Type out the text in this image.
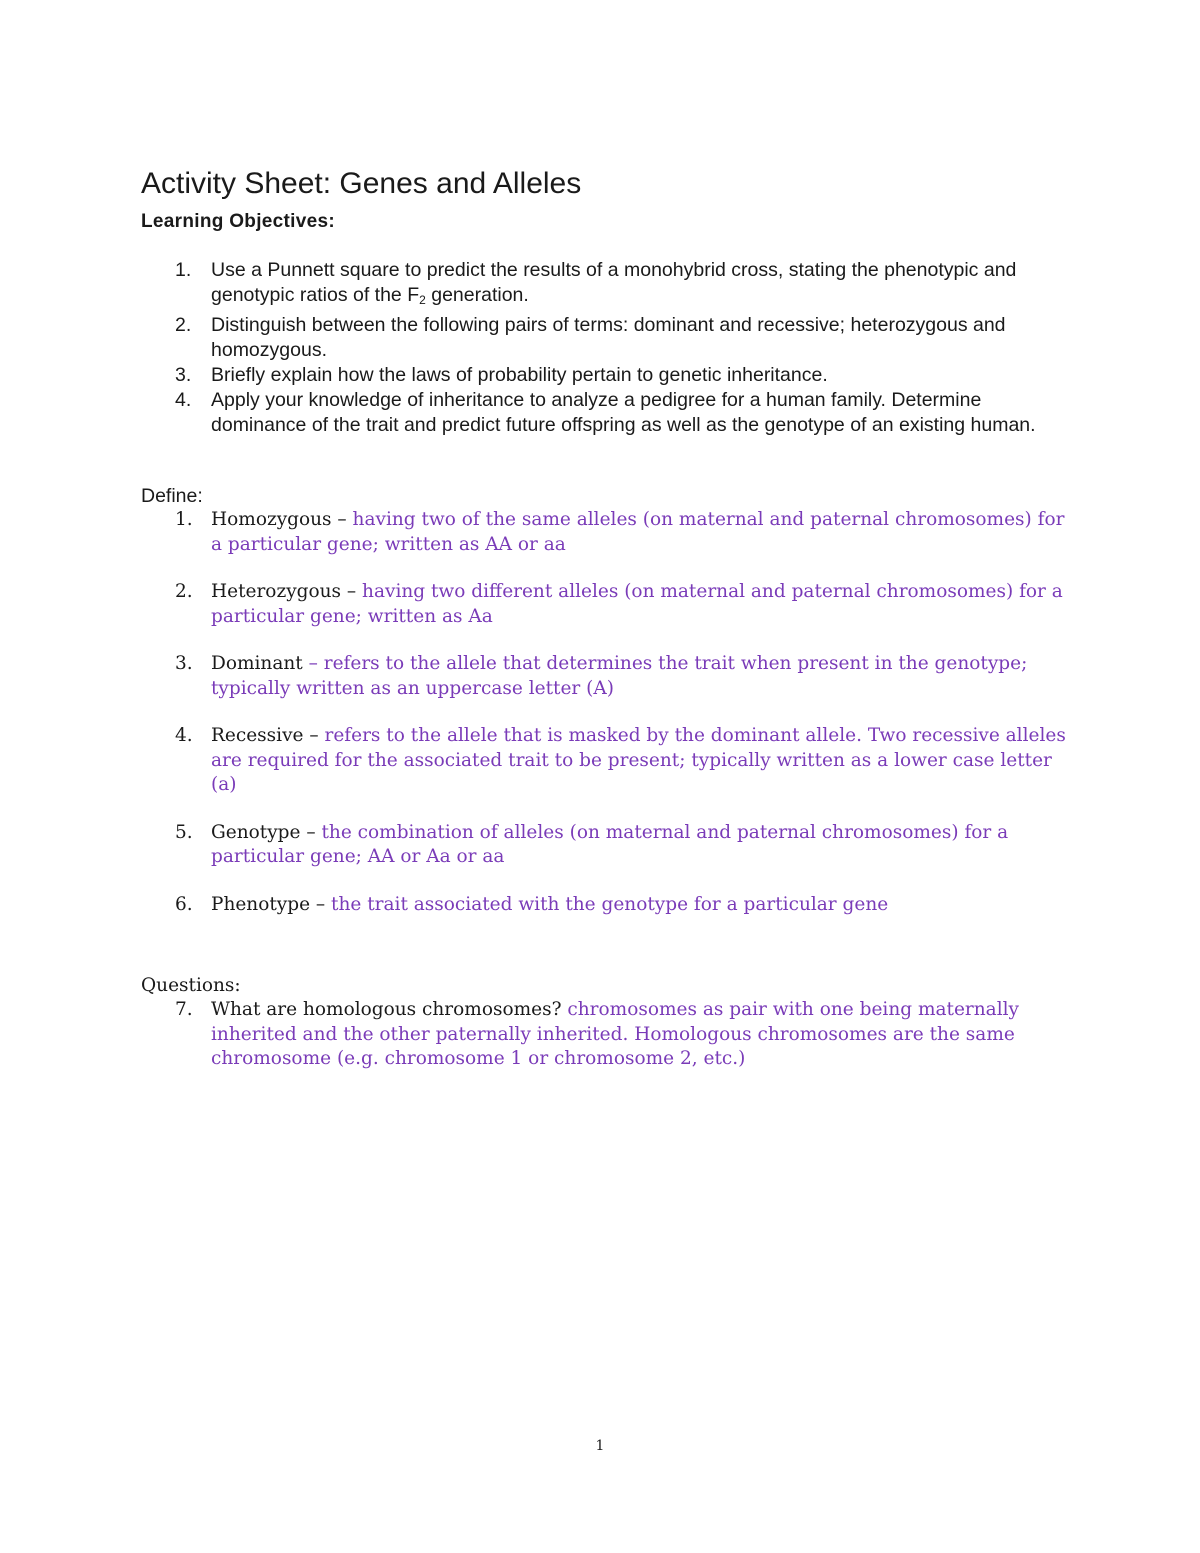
Activity Sheet: Genes and Alleles
Learning Objectives:
1. Use a Punnett square to predict the results of a monohybrid cross, stating the phenotypic and genotypic ratios of the $F_2$ generation.
2. Distinguish between the following pairs of terms: dominant and recessive; heterozygous and homozygous.
3. Briefly explain how the laws of probability pertain to genetic inheritance.
4. Apply your knowledge of inheritance to analyze a pedigree for a human family. Determine dominance of the trait and predict future offspring as well as the genotype of an existing human.
Define:
1. Homozygous – having two of the same alleles (on maternal and paternal chromosomes) for a particular gene; written as AA or aa
2. Heterozygous – having two different alleles (on maternal and paternal chromosomes) for a particular gene; written as Aa
3. Dominant – refers to the allele that determines the trait when present in the genotype; typically written as an uppercase letter (A)
4. Recessive – refers to the allele that is masked by the dominant allele. Two recessive alleles are required for the associated trait to be present; typically written as a lower case letter (a)
5. Genotype – the combination of alleles (on maternal and paternal chromosomes) for a particular gene; AA or Aa or aa
6. Phenotype – the trait associated with the genotype for a particular gene
Questions:
7. What are homologous chromosomes? chromosomes as pair with one being maternally inherited and the other paternally inherited. Homologous chromosomes are the same chromosome (e.g. chromosome 1 or chromosome 2, etc.)
1
